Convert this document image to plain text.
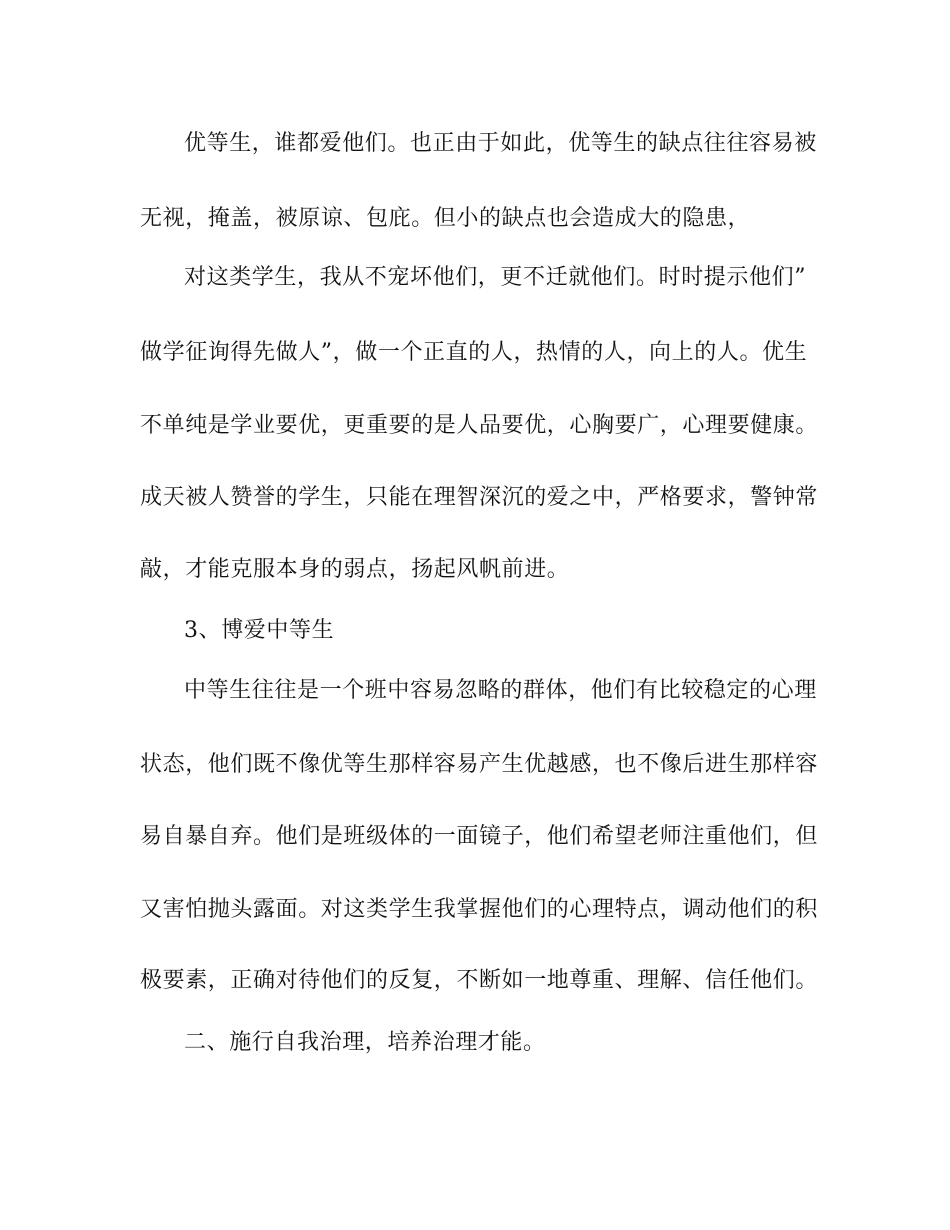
优等生，谁都爱他们。也正由于如此，优等生的缺点往往容易被
无视，掩盖，被原谅、包庇。但小的缺点也会造成大的隐患，
对这类学生，我从不宠坏他们，更不迁就他们。时时提示他们”
做学征询得先做人”，做一个正直的人，热情的人，向上的人。优生
不单纯是学业要优，更重要的是人品要优，心胸要广，心理要健康。
成天被人赞誉的学生，只能在理智深沉的爱之中，严格要求，警钟常
敲，才能克服本身的弱点，扬起风帆前进。
3、博爱中等生
中等生往往是一个班中容易忽略的群体，他们有比较稳定的心理
状态，他们既不像优等生那样容易产生优越感，也不像后进生那样容
易自暴自弃。他们是班级体的一面镜子，他们希望老师注重他们，但
又害怕抛头露面。对这类学生我掌握他们的心理特点，调动他们的积
极要素，正确对待他们的反复，不断如一地尊重、理解、信任他们。
二、施行自我治理，培养治理才能。
